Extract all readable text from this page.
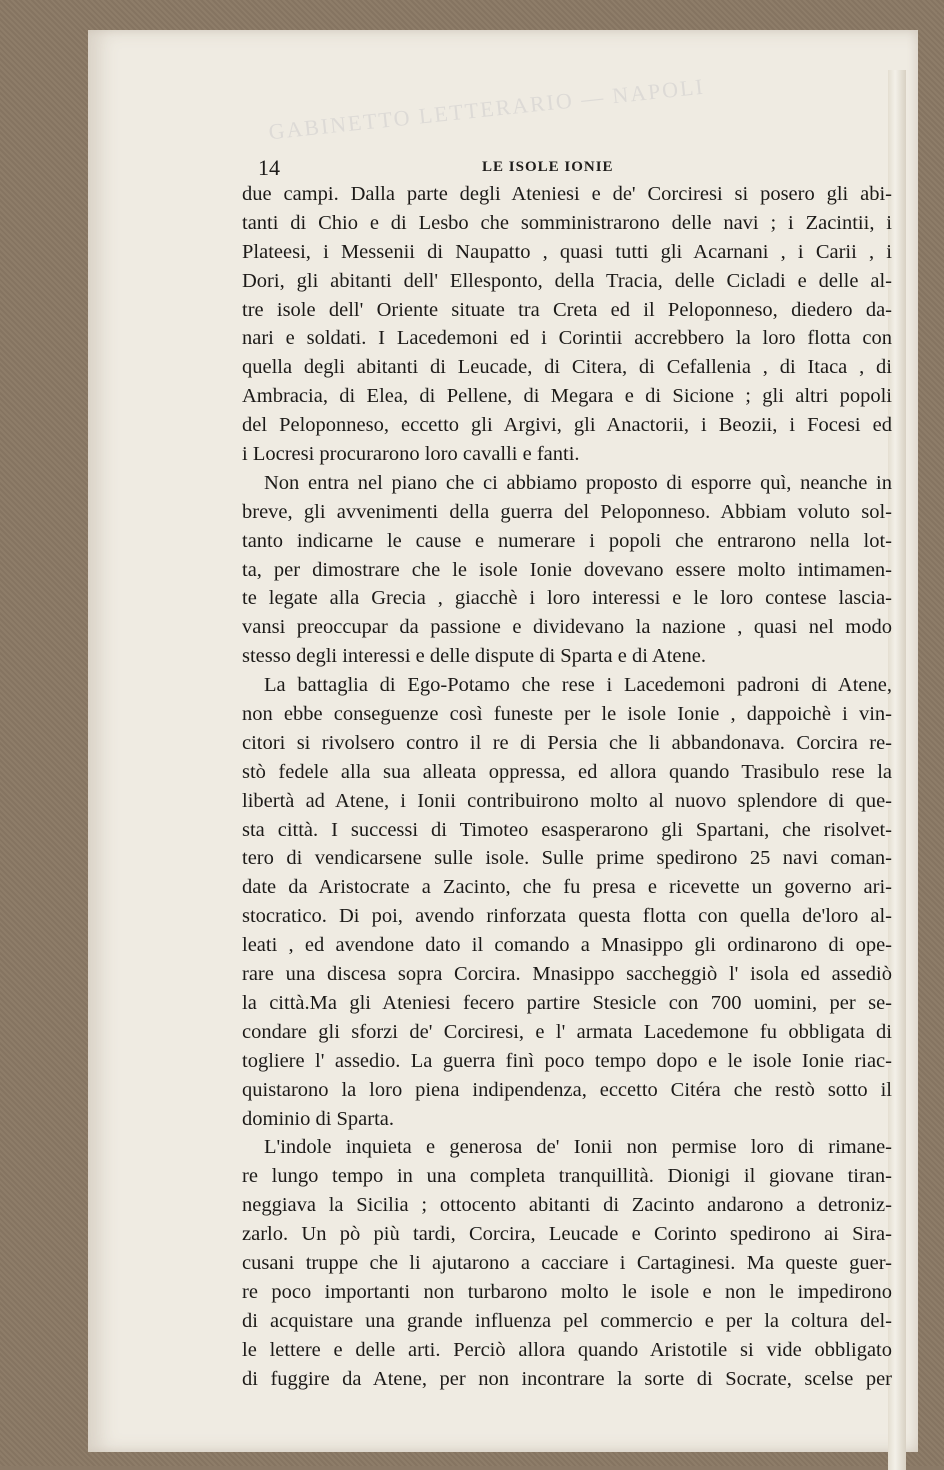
14	LE ISOLE IONIE
due campi. Dalla parte degli Ateniesi e de' Corciresi si posero gli abi-
tanti di Chio e di Lesbo che somministrarono delle navi ; i Zacintii, i
Plateesi, i Messenii di Naupatto , quasi tutti gli Acarnani , i Carii , i
Dori, gli abitanti dell' Ellesponto, della Tracia, delle Cicladi e delle al-
tre isole dell' Oriente situate tra Creta ed il Peloponneso, diedero da-
nari e soldati. I Lacedemoni ed i Corintii accrebbero la loro flotta con
quella degli abitanti di Leucade, di Citera, di Cefallenia , di Itaca , di
Ambracia, di Elea, di Pellene, di Megara e di Sicione ; gli altri popoli
del Peloponneso, eccetto gli Argivi, gli Anactorii, i Beozii, i Focesi ed
i Locresi procurarono loro cavalli e fanti.
Non entra nel piano che ci abbiamo proposto di esporre quì, neanche in
breve, gli avvenimenti della guerra del Peloponneso. Abbiam voluto sol-
tanto indicarne le cause e numerare i popoli che entrarono nella lot-
ta, per dimostrare che le isole Ionie dovevano essere molto intimamen-
te legate alla Grecia , giacchè i loro interessi e le loro contese lascia-
vansi preoccupar da passione e dividevano la nazione , quasi nel modo
stesso degli interessi e delle dispute di Sparta e di Atene.
La battaglia di Ego-Potamo che rese i Lacedemoni padroni di Atene,
non ebbe conseguenze così funeste per le isole Ionie , dappoichè i vin-
citori si rivolsero contro il re di Persia che li abbandonava. Corcira re-
stò fedele alla sua alleata oppressa, ed allora quando Trasibulo rese la
libertà ad Atene, i Ionii contribuirono molto al nuovo splendore di que-
sta città. I successi di Timoteo esasperarono gli Spartani, che risolvet-
tero di vendicarsene sulle isole. Sulle prime spedirono 25 navi coman-
date da Aristocrate a Zacinto, che fu presa e ricevette un governo ari-
stocratico. Di poi, avendo rinforzata questa flotta con quella de'loro al-
leati , ed avendone dato il comando a Mnasippo gli ordinarono di ope-
rare una discesa sopra Corcira. Mnasippo saccheggiò l' isola ed assediò
la città.Ma gli Ateniesi fecero partire Stesicle con 700 uomini, per se-
condare gli sforzi de' Corciresi, e l' armata Lacedemone fu obbligata di
togliere l' assedio. La guerra finì poco tempo dopo e le isole Ionie riac-
quistarono la loro piena indipendenza, eccetto Citéra che restò sotto il
dominio di Sparta.
L'indole inquieta e generosa de' Ionii non permise loro di rimane-
re lungo tempo in una completa tranquillità. Dionigi il giovane tiran-
neggiava la Sicilia ; ottocento abitanti di Zacinto andarono a detroniz-
zarlo. Un pò più tardi, Corcira, Leucade e Corinto spedirono ai Sira-
cusani truppe che li ajutarono a cacciare i Cartaginesi. Ma queste guer-
re poco importanti non turbarono molto le isole e non le impedirono
di acquistare una grande influenza pel commercio e per la coltura del-
le lettere e delle arti. Perciò allora quando Aristotile si vide obbligato
di fuggire da Atene, per non incontrare la sorte di Socrate, scelse per
